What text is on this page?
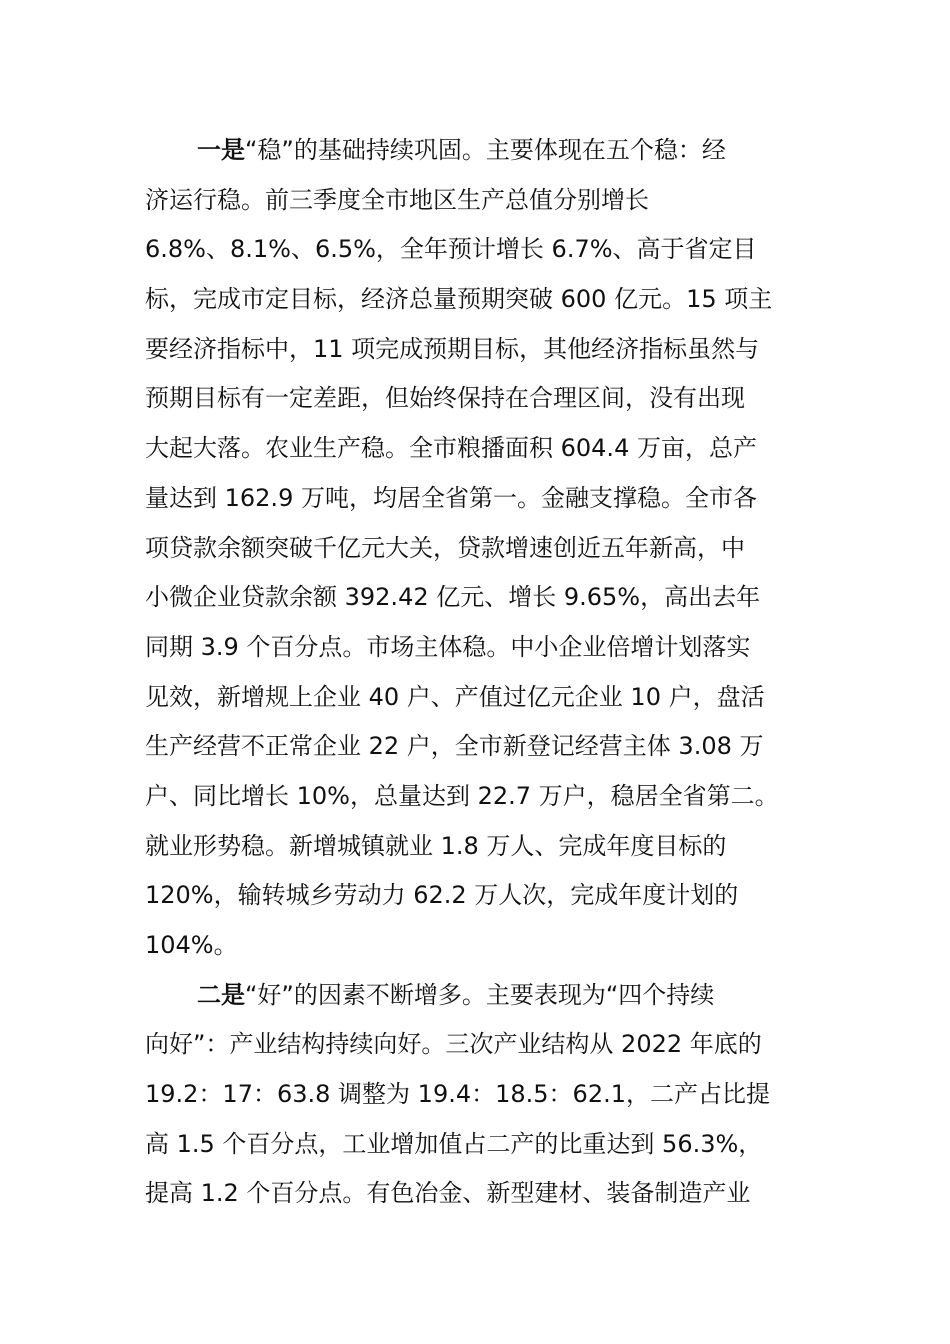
一是“稳”的基础持续巩固。主要体现在五个稳：经
济运行稳。前三季度全市地区生产总值分别增长
6.8%、8.1%、6.5%，全年预计增长 6.7%、高于省定目
标，完成市定目标，经济总量预期突破 600 亿元。15 项主
要经济指标中，11 项完成预期目标，其他经济指标虽然与
预期目标有一定差距，但始终保持在合理区间，没有出现
大起大落。农业生产稳。全市粮播面积 604.4 万亩，总产
量达到 162.9 万吨，均居全省第一。金融支撑稳。全市各
项贷款余额突破千亿元大关，贷款增速创近五年新高，中
小微企业贷款余额 392.42 亿元、增长 9.65%，高出去年
同期 3.9 个百分点。市场主体稳。中小企业倍增计划落实
见效，新增规上企业 40 户、产值过亿元企业 10 户，盘活
生产经营不正常企业 22 户，全市新登记经营主体 3.08 万
户、同比增长 10%，总量达到 22.7 万户，稳居全省第二。
就业形势稳。新增城镇就业 1.8 万人、完成年度目标的
120%，输转城乡劳动力 62.2 万人次，完成年度计划的
104%。
二是“好”的因素不断增多。主要表现为“四个持续
向好”：产业结构持续向好。三次产业结构从 2022 年底的
19.2：17：63.8 调整为 19.4：18.5：62.1，二产占比提
高 1.5 个百分点，工业增加值占二产的比重达到 56.3%，
提高 1.2 个百分点。有色冶金、新型建材、装备制造产业
